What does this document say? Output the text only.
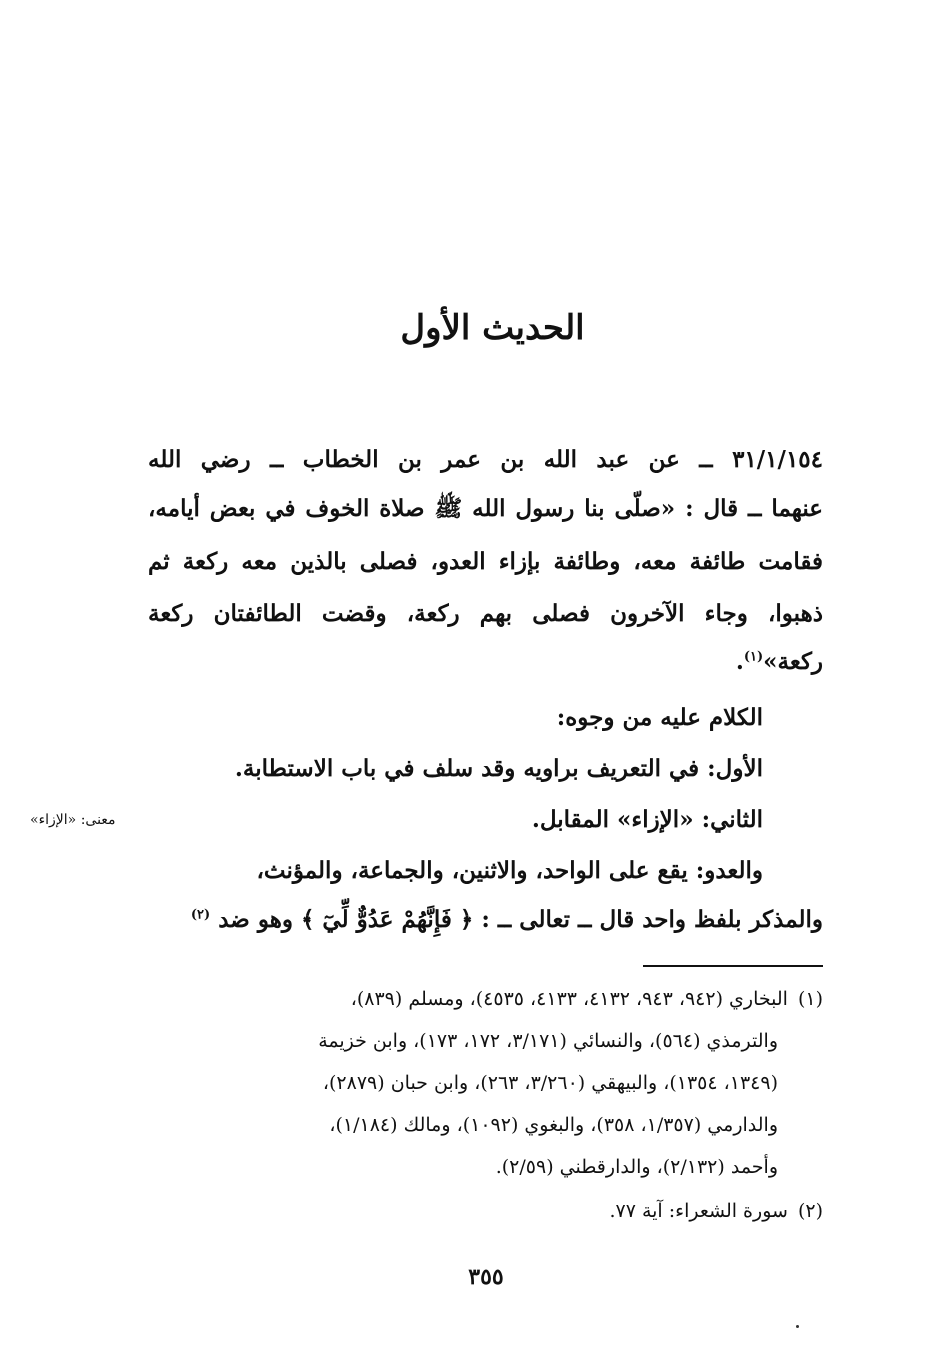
الحديث الأول
٣١/١/١٥٤ ــ عن عبد الله بن عمر بن الخطاب ــ رضي الله
عنهما ــ قال : «صلّى بنا رسول الله ﷺ صلاة الخوف في بعض أيامه،
فقامت طائفة معه، وطائفة بإزاء العدو، فصلى بالذين معه ركعة ثم
ذهبوا، وجاء الآخرون فصلى بهم ركعة، وقضت الطائفتان ركعة
ركعة»$^{(١)}$.
الكلام عليه من وجوه:
الأول: في التعريف براويه وقد سلف في باب الاستطابة.
الثاني: «الإزاء» المقابل.
معنى: «الإزاء»
والعدو: يقع على الواحد، والاثنين، والجماعة، والمؤنث،
والمذكر بلفظ واحد قال ــ تعالى ــ : ﴿ فَإِنَّهُمْ عَدُوٌّ لِّيٓ ﴾ وهو ضد $^{(٢)}$
(١)البخاري (٩٤٢، ٩٤٣، ٤١٣٢، ٤١٣٣، ٤٥٣٥)، ومسلم (٨٣٩)،
والترمذي (٥٦٤)، والنسائي (٣/١٧١، ١٧٢، ١٧٣)، وابن خزيمة
(١٣٤٩، ١٣٥٤)، والبيهقي (٣/٢٦٠، ٢٦٣)، وابن حبان (٢٨٧٩)،
والدارمي (١/٣٥٧، ٣٥٨)، والبغوي (١٠٩٢)، ومالك (١/١٨٤)،
وأحمد (٢/١٣٢)، والدارقطني (٢/٥٩).
(٢)سورة الشعراء: آية ٧٧.
٣٥٥
